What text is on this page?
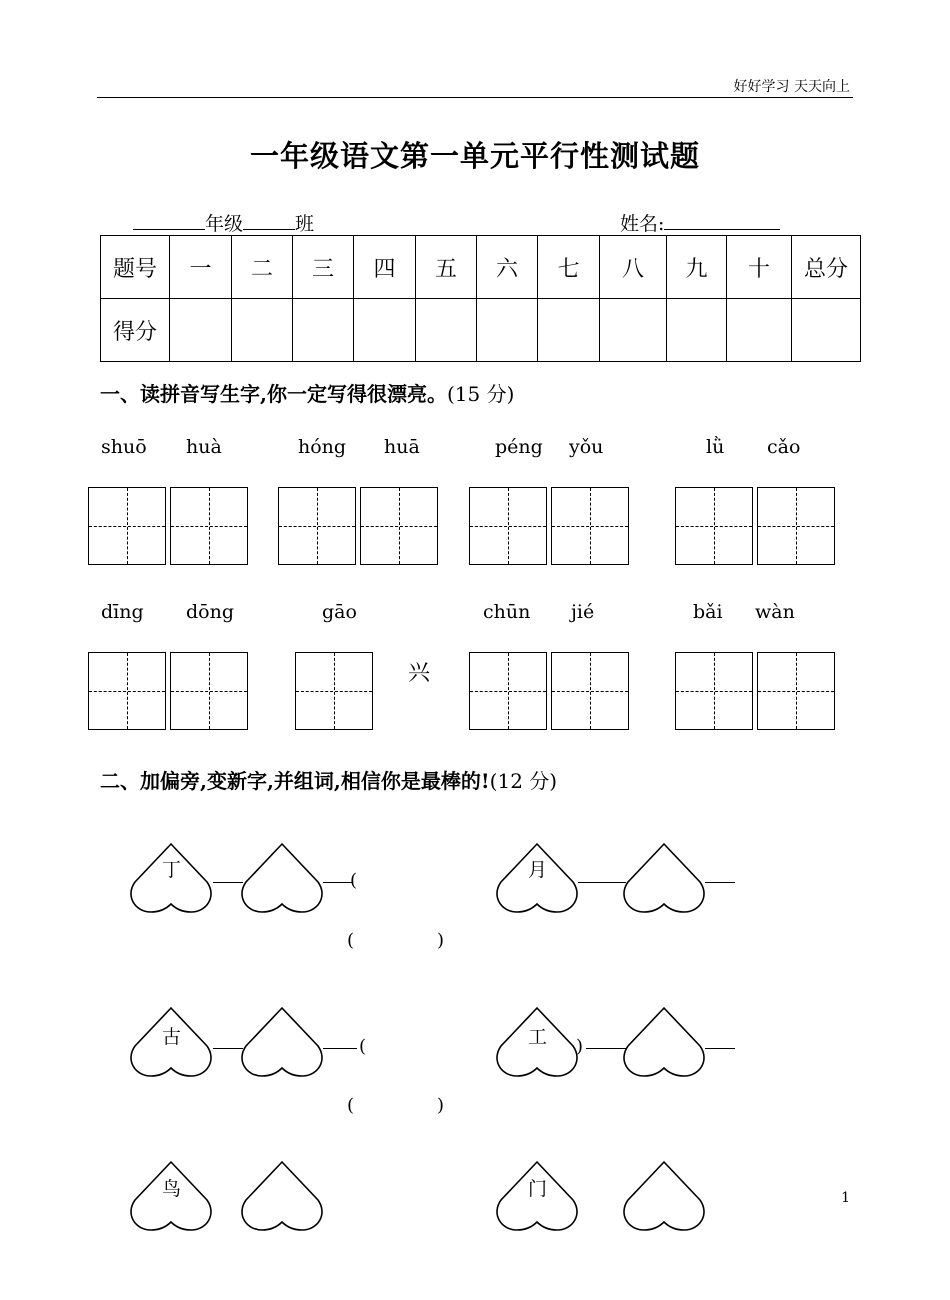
好好学习 天天向上
一年级语文第一单元平行性测试题
年级	班	姓名:
题号	一	二	三	四	五	六	七	八	九	十	总分
得分											
一、读拼音写生字,你一定写得很漂亮。(15 分)
shuō huà	hóng huā	péng yǒu	lǜ cǎo
dīng dōng	gāo	chūn jié	bǎi wàn
兴
二、加偏旁,变新字,并组词,相信你是最棒的!(12 分)
丁	(
(	)
月
古	(
(	)
工 )
鸟	门	1
